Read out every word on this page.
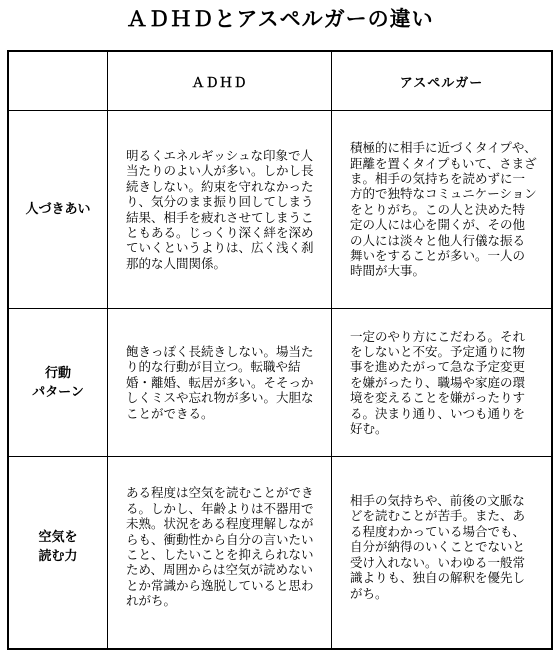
ＡＤＨＤとアスペルガーの違い
ＡＤＨＤ	アスペルガー
人づきあい
明るくエネルギッシュな印象で人当たりのよい人が多い。しかし長続きしない。約束を守れなかったり、気分のまま振り回してしまう結果、相手を疲れさせてしまうこともある。じっくり深く絆を深めていくというよりは、広く浅く刹那的な人間関係。
積極的に相手に近づくタイプや、距離を置くタイプもいて、さまざま。相手の気持ちを読めずに一方的で独特なコミュニケーションをとりがち。この人と決めた特定の人には心を開くが、その他の人には淡々と他人行儀な振る舞いをすることが多い。一人の時間が大事。
行動
パターン
飽きっぽく長続きしない。場当たり的な行動が目立つ。転職や結婚・離婚、転居が多い。そそっかしくミスや忘れ物が多い。大胆なことができる。
一定のやり方にこだわる。それをしないと不安。予定通りに物事を進めたがって急な予定変更を嫌がったり、職場や家庭の環境を変えることを嫌がったりする。決まり通り、いつも通りを好む。
空気を
読む力
ある程度は空気を読むことができる。しかし、年齢よりは不器用で未熟。状況をある程度理解しながらも、衝動性から自分の言いたいこと、したいことを抑えられないため、周囲からは空気が読めないとか常識から逸脱していると思われがち。
相手の気持ちや、前後の文脈などを読むことが苦手。また、ある程度わかっている場合でも、自分が納得のいくことでないと受け入れない。いわゆる一般常識よりも、独自の解釈を優先しがち。
